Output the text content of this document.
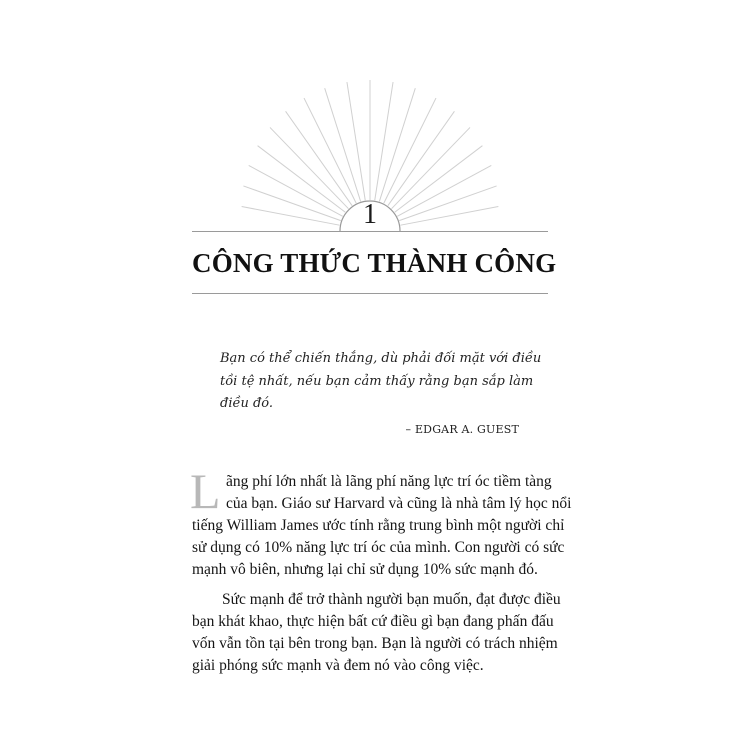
1
CÔNG THỨC THÀNH CÔNG
Bạn có thể chiến thắng, dù phải đối mặt với điều
tồi tệ nhất, nếu bạn cảm thấy rằng bạn sắp làm
điều đó.
– EDGAR A. GUEST
L ãng phí lớn nhất là lãng phí năng lực trí óc tiềm tàng
của bạn. Giáo sư Harvard và cũng là nhà tâm lý học nổi
tiếng William James ước tính rằng trung bình một người chỉ
sử dụng có 10% năng lực trí óc của mình. Con người có sức
mạnh vô biên, nhưng lại chỉ sử dụng 10% sức mạnh đó.
Sức mạnh để trở thành người bạn muốn, đạt được điều
bạn khát khao, thực hiện bất cứ điều gì bạn đang phấn đấu
vốn vẫn tồn tại bên trong bạn. Bạn là người có trách nhiệm
giải phóng sức mạnh và đem nó vào công việc.
